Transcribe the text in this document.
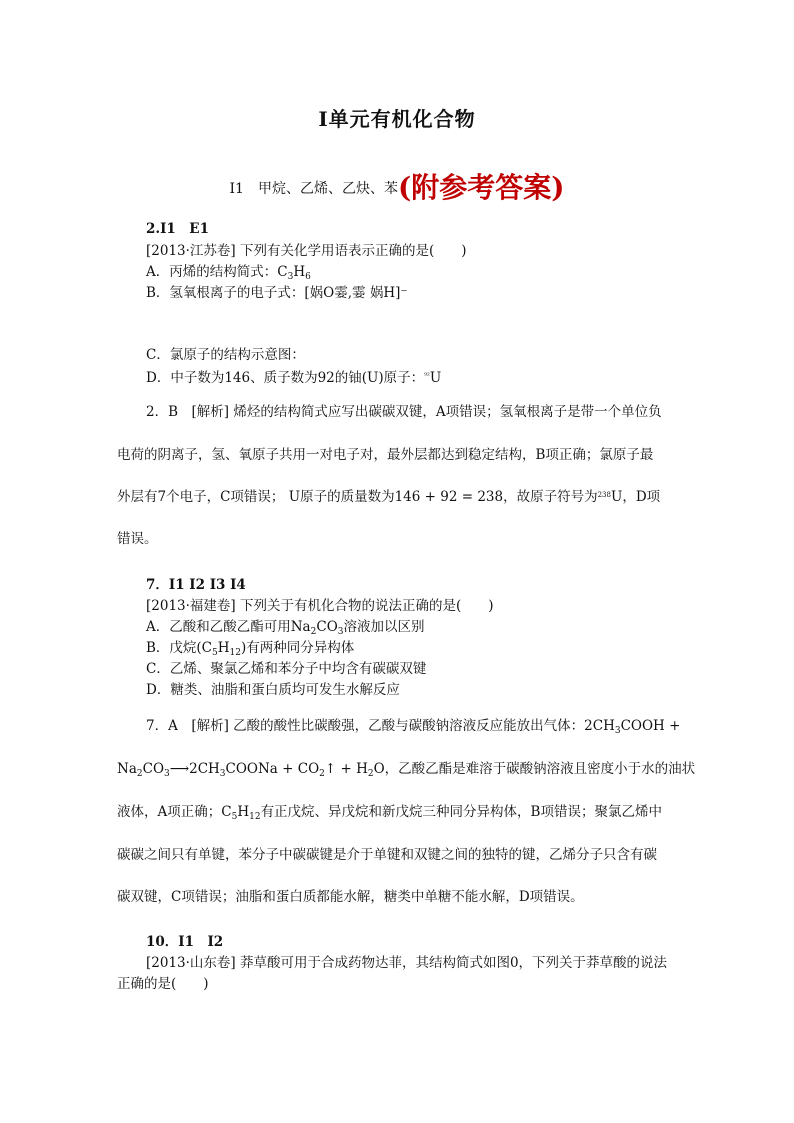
I单元有机化合物
I1　甲烷、乙烯、乙炔、苯(附参考答案)
2.I1　E1
[2013·江苏卷] 下列有关化学用语表示正确的是(　　)
A．丙烯的结构简式：$C_3H_6$
B．氢氧根离子的电子式：[娲O霎,霎 娲H]⁻
C．氯原子的结构示意图：
D．中子数为146、质子数为92的铀(U)原子：$^{^{92}}$U
2．B　[解析] 烯烃的结构简式应写出碳碳双键，A项错误；氢氧根离子是带一个单位负
电荷的阴离子，氢、氧原子共用一对电子对，最外层都达到稳定结构，B项正确；氯原子最
外层有7个电子，C项错误； U原子的质量数为146 + 92 = 238，故原子符号为$^{238}$U，D项
错误。
7．I1 I2 I3 I4
[2013·福建卷] 下列关于有机化合物的说法正确的是(　　)
A．乙酸和乙酸乙酯可用$Na_2CO_3$溶液加以区别
B．戊烷$(C_5H_{12})$有两种同分异构体
C．乙烯、聚氯乙烯和苯分子中均含有碳碳双键
D．糖类、油脂和蛋白质均可发生水解反应
7．A　[解析] 乙酸的酸性比碳酸强，乙酸与碳酸钠溶液反应能放出气体：$2CH_3COOH$ +
$Na_2CO_3⟶2CH_3COONa$ + $CO_2↑ + H_2O$，乙酸乙酯是难溶于碳酸钠溶液且密度小于水的油状
液体，A项正确；$C_5H_{12}$有正戊烷、异戊烷和新戊烷三种同分异构体，B项错误；聚氯乙烯中
碳碳之间只有单键，苯分子中碳碳键是介于单键和双键之间的独特的键，乙烯分子只含有碳
碳双键，C项错误；油脂和蛋白质都能水解，糖类中单糖不能水解，D项错误。
10．I1　I2
[2013·山东卷] 莽草酸可用于合成药物达菲，其结构简式如图0，下列关于莽草酸的说法
正确的是(　　)
